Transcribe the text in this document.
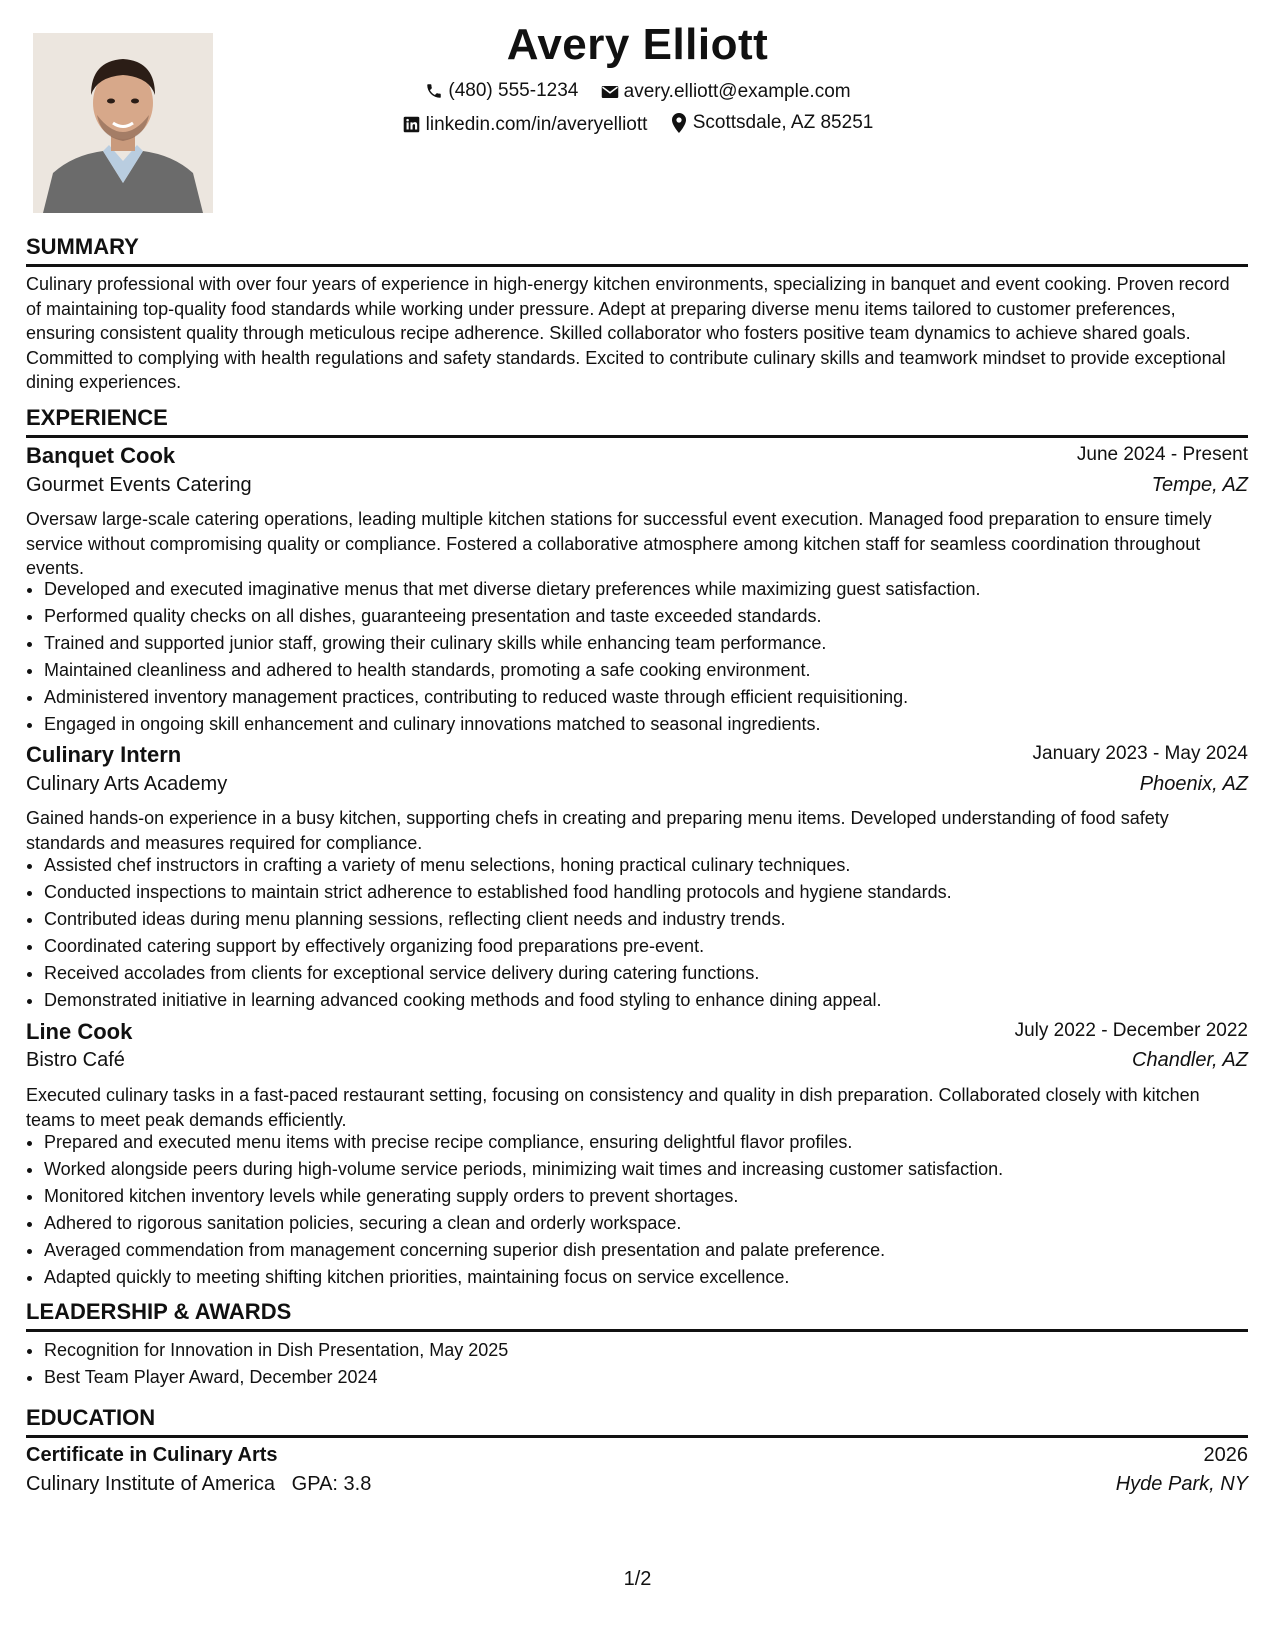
Avery Elliott
(480) 555-1234
avery.elliott@example.com
linkedin.com/in/averyelliott
Scottsdale, AZ 85251
SUMMARY
Culinary professional with over four years of experience in high-energy kitchen environments, specializing in banquet and event cooking. Proven record of maintaining top-quality food standards while working under pressure. Adept at preparing diverse menu items tailored to customer preferences, ensuring consistent quality through meticulous recipe adherence. Skilled collaborator who fosters positive team dynamics to achieve shared goals. Committed to complying with health regulations and safety standards. Excited to contribute culinary skills and teamwork mindset to provide exceptional dining experiences.
EXPERIENCE
Banquet Cook	June 2024 - Present
Gourmet Events Catering	Tempe, AZ
Oversaw large-scale catering operations, leading multiple kitchen stations for successful event execution. Managed food preparation to ensure timely service without compromising quality or compliance. Fostered a collaborative atmosphere among kitchen staff for seamless coordination throughout events.
• Developed and executed imaginative menus that met diverse dietary preferences while maximizing guest satisfaction.
• Performed quality checks on all dishes, guaranteeing presentation and taste exceeded standards.
• Trained and supported junior staff, growing their culinary skills while enhancing team performance.
• Maintained cleanliness and adhered to health standards, promoting a safe cooking environment.
• Administered inventory management practices, contributing to reduced waste through efficient requisitioning.
• Engaged in ongoing skill enhancement and culinary innovations matched to seasonal ingredients.
Culinary Intern	January 2023 - May 2024
Culinary Arts Academy	Phoenix, AZ
Gained hands-on experience in a busy kitchen, supporting chefs in creating and preparing menu items. Developed understanding of food safety standards and measures required for compliance.
• Assisted chef instructors in crafting a variety of menu selections, honing practical culinary techniques.
• Conducted inspections to maintain strict adherence to established food handling protocols and hygiene standards.
• Contributed ideas during menu planning sessions, reflecting client needs and industry trends.
• Coordinated catering support by effectively organizing food preparations pre-event.
• Received accolades from clients for exceptional service delivery during catering functions.
• Demonstrated initiative in learning advanced cooking methods and food styling to enhance dining appeal.
Line Cook	July 2022 - December 2022
Bistro Café	Chandler, AZ
Executed culinary tasks in a fast-paced restaurant setting, focusing on consistency and quality in dish preparation. Collaborated closely with kitchen teams to meet peak demands efficiently.
• Prepared and executed menu items with precise recipe compliance, ensuring delightful flavor profiles.
• Worked alongside peers during high-volume service periods, minimizing wait times and increasing customer satisfaction.
• Monitored kitchen inventory levels while generating supply orders to prevent shortages.
• Adhered to rigorous sanitation policies, securing a clean and orderly workspace.
• Averaged commendation from management concerning superior dish presentation and palate preference.
• Adapted quickly to meeting shifting kitchen priorities, maintaining focus on service excellence.
LEADERSHIP & AWARDS
• Recognition for Innovation in Dish Presentation, May 2025
• Best Team Player Award, December 2024
EDUCATION
Certificate in Culinary Arts	2026
Culinary Institute of America GPA: 3.8	Hyde Park, NY
1/2
